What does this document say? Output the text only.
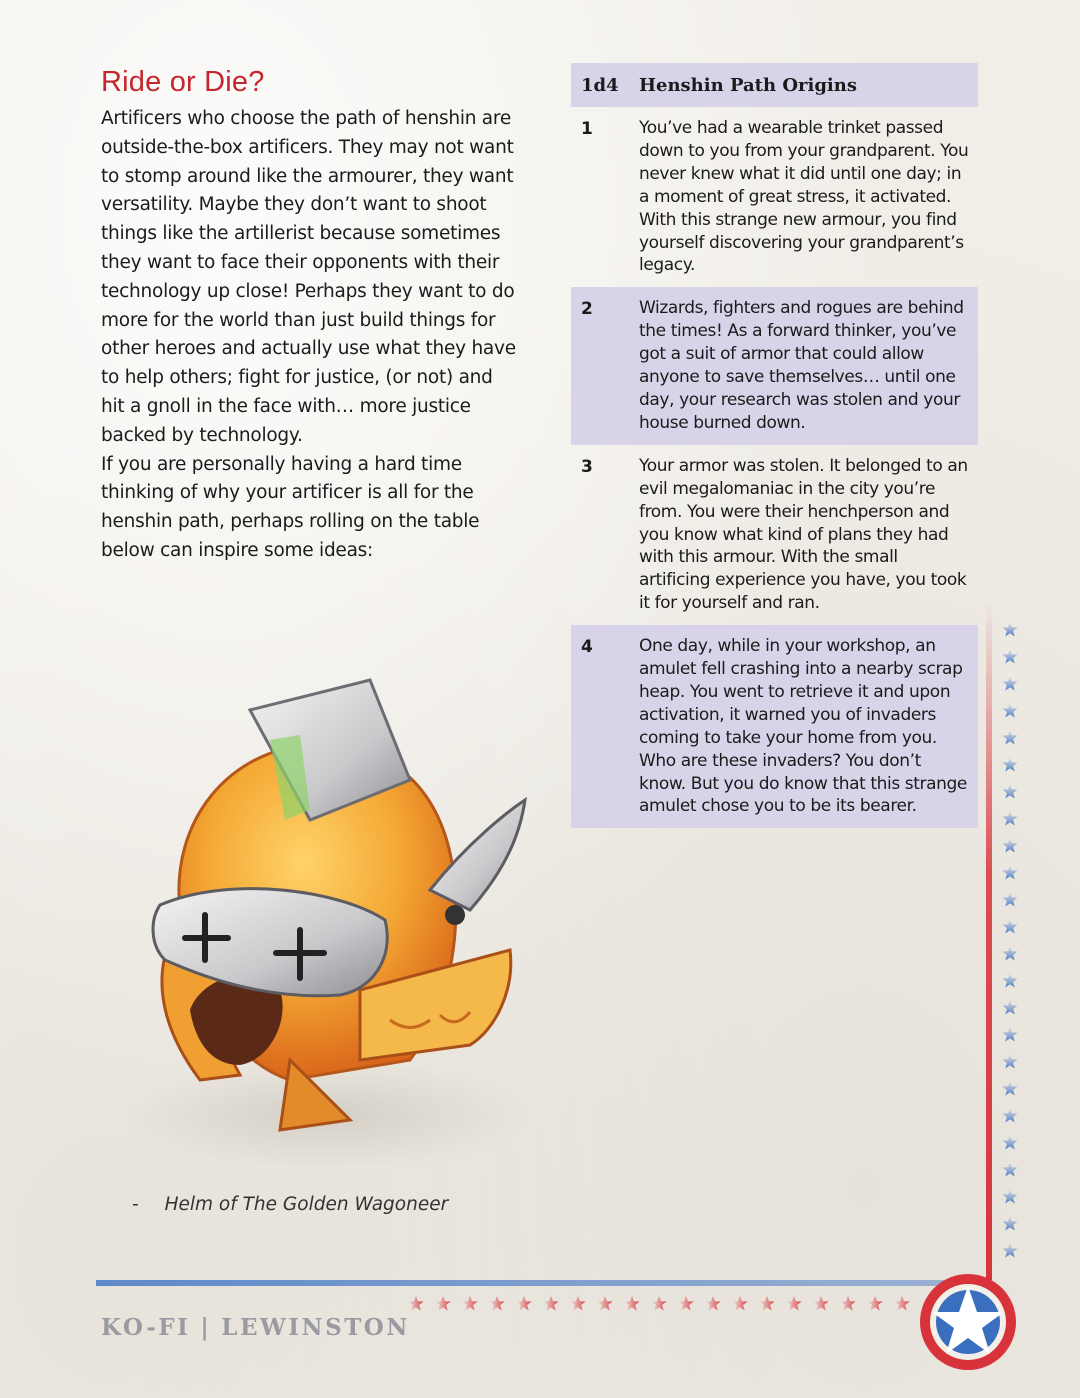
Ride or Die?

Artificers who choose the path of henshin are outside-the-box artificers. They may not want to stomp around like the armourer, they want versatility. Maybe they don’t want to shoot things like the artillerist because sometimes they want to face their opponents with their technology up close! Perhaps they want to do more for the world than just build things for other heroes and actually use what they have to help others; fight for justice, (or not) and hit a gnoll in the face with… more justice backed by technology.

If you are personally having a hard time thinking of why your artificer is all for the henshin path, perhaps rolling on the table below can inspire some ideas:

- Helm of The Golden Wagoneer
1d4	Henshin Path Origins
1	You’ve had a wearable trinket passed down to you from your grandparent. You never knew what it did until one day; in a moment of great stress, it activated. With this strange new armour, you find yourself discovering your grandparent’s legacy.
2	Wizards, fighters and rogues are behind the times! As a forward thinker, you’ve got a suit of armor that could allow anyone to save themselves… until one day, your research was stolen and your house burned down.
3	Your armor was stolen. It belonged to an evil megalomaniac in the city you’re from. You were their henchperson and you know what kind of plans they had with this armour. With the small artificing experience you have, you took it for yourself and ran.
4	One day, while in your workshop, an amulet fell crashing into a nearby scrap heap. You went to retrieve it and upon activation, it warned you of invaders coming to take your home from you. Who are these invaders? You don’t know. But you do know that this strange amulet chose you to be its bearer.
KO-FI | LEWINSTON
